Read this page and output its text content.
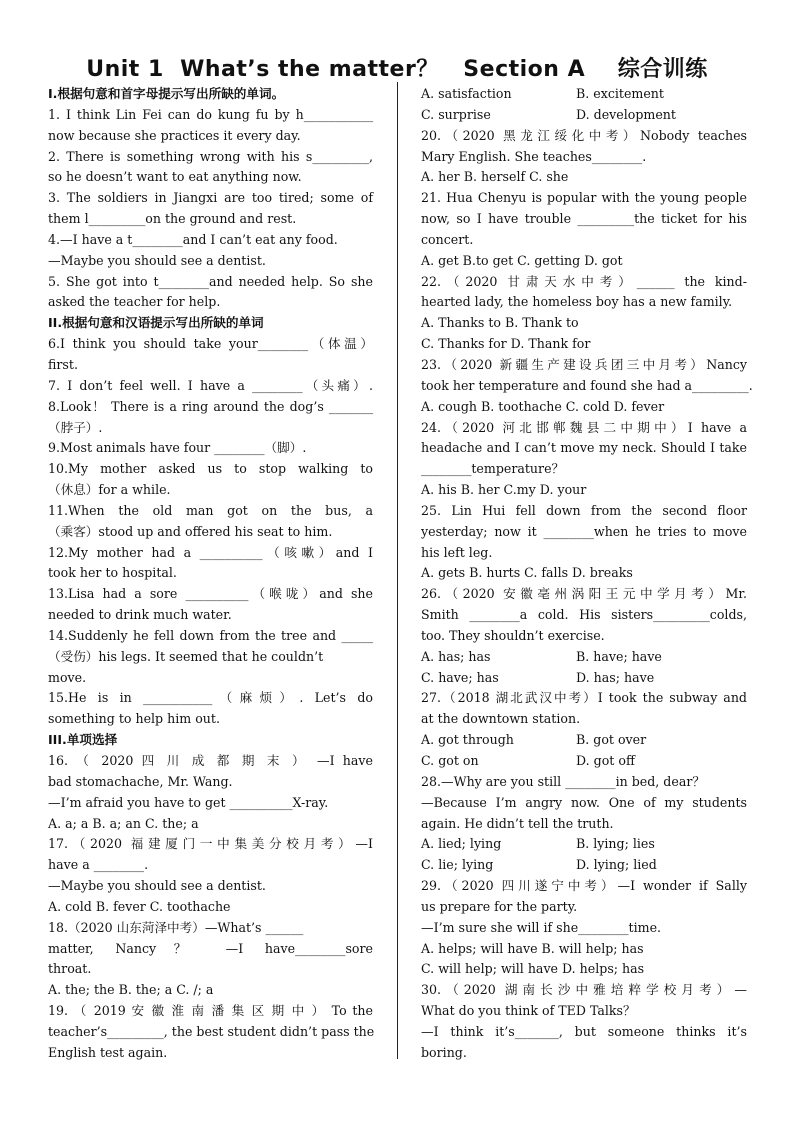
Unit 1  What’s the matter？   Section A    综合训练
I.根据句意和首字母提示写出所缺的单词。
1. I think Lin Fei can do kung fu by h___________
now because she practices it every day.
2. There is something wrong with his s_________,
so he doesn’t want to eat anything now.
3. The soldiers in Jiangxi are too tired; some of
them l_________on the ground and rest.
4.—I have a t________and I can’t eat any food.
—Maybe you should see a dentist.
5. She got into t________and needed help. So she
asked the teacher for help.
II.根据句意和汉语提示写出所缺的单词
6.I think you should take your________（体温）
first.
7. I don’t feel well. I have a ________（头痛）.
8.Look！ There is a ring around the dog’s _______
（脖子）.
9.Most animals have four ________（脚）.
10.My mother asked us to stop walking to
（休息）for a while.
11.When the old man got on the bus, a
（乘客）stood up and offered his seat to him.
12.My mother had a __________（咳嗽）and I
took her to hospital.
13.Lisa had a sore __________（喉咙）and she
needed to drink much water.
14.Suddenly he fell down from the tree and _____
（受伤）his legs. It seemed that he couldn’t
move.
15.He is in ___________（麻烦）. Let’s do
something to help him out.
III.单项选择
16. （ 2020 四 川 成 都 期 末 ） —I have
bad stomachache, Mr. Wang.
—I’m afraid you have to get __________X-ray.
A. a; a B. a; an C. the; a
17.（2020 福建厦门一中集美分校月考）—I
have a ________.
—Maybe you should see a dentist.
A. cold B. fever C. toothache
18.（2020 山东菏泽中考）—What’s ______
matter, Nancy？ —I have________sore
throat.
A. the; the B. the; a C. /; a
19. （ 2019 安 徽 淮 南 潘 集 区 期 中 ） To the
teacher’s_________, the best student didn’t pass the
English test again.
A. satisfaction	B. excitement
C. surprise	D. development
20.（2020 黑龙江绥化中考）Nobody teaches
Mary English. She teaches________.
A. her B. herself C. she
21. Hua Chenyu is popular with the young people
now, so I have trouble _________the ticket for his
concert.
A. get B.to get C. getting D. got
22.（2020 甘肃天水中考）______ the kind-
hearted lady, the homeless boy has a new family.
A. Thanks to B. Thank to
C. Thanks for D. Thank for
23.（2020 新疆生产建设兵团三中月考）Nancy
took her temperature and found she had a_________.
A. cough B. toothache C. cold D. fever
24.（2020 河北邯郸魏县二中期中）I have a
headache and I can’t move my neck. Should I take
________temperature？
A. his B. her C.my D. your
25. Lin Hui fell down from the second floor
yesterday; now it ________when he tries to move
his left leg.
A. gets B. hurts C. falls D. breaks
26.（2020 安徽亳州涡阳王元中学月考）Mr.
Smith ________a cold. His sisters_________colds,
too. They shouldn’t exercise.
A. has; has	B. have; have
C. have; has	D. has; have
27.（2018 湖北武汉中考）I took the subway and
at the downtown station.
A. got through	B. got over
C. got on	D. got off
28.—Why are you still ________in bed, dear？
—Because I’m angry now. One of my students
again. He didn’t tell the truth.
A. lied; lying	B. lying; lies
C. lie; lying	D. lying; lied
29.（2020 四川遂宁中考）—I wonder if Sally
us prepare for the party.
—I’m sure she will if she________time.
A. helps; will have B. will help; has
C. will help; will have D. helps; has
30.（2020 湖南长沙中雅培粹学校月考）—
What do you think of TED Talks？
—I think it’s_______, but someone thinks it’s
boring.
